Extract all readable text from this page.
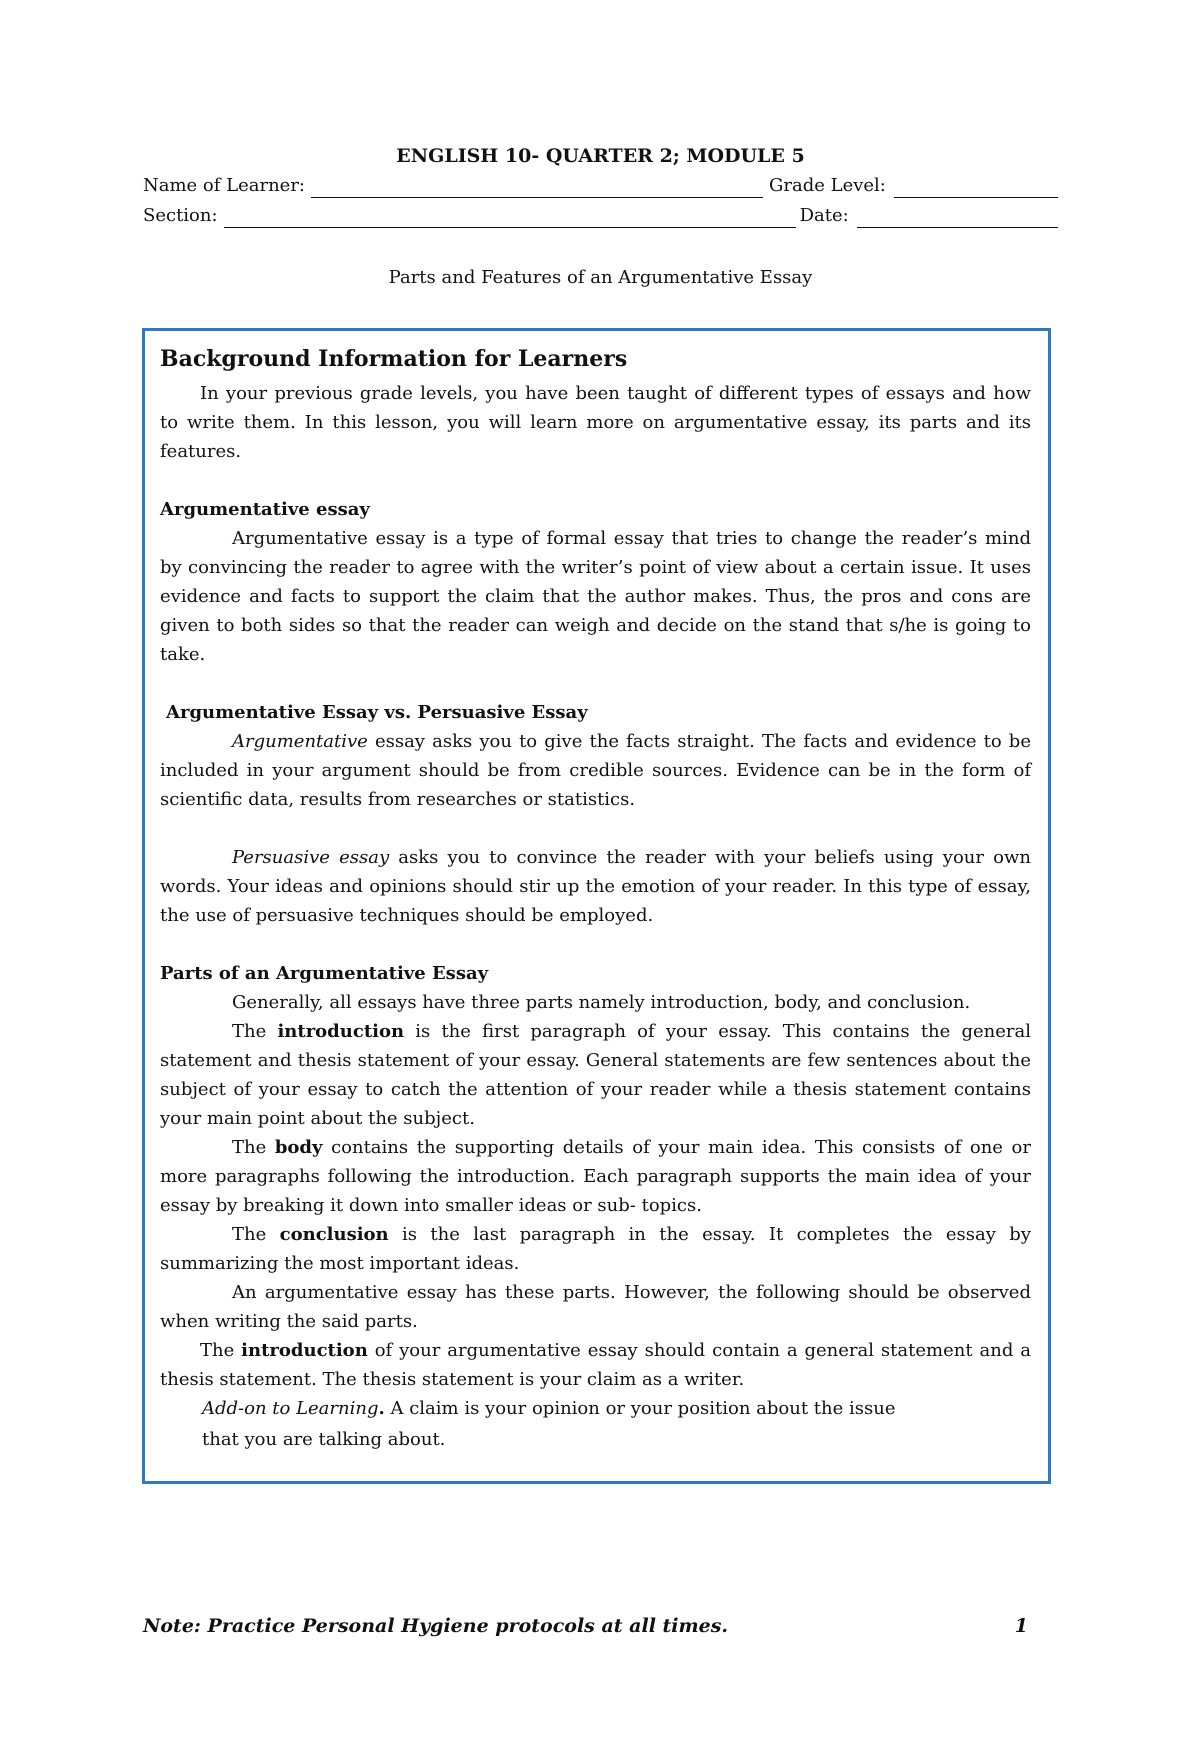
ENGLISH 10- QUARTER 2; MODULE 5

Name of Learner:	Grade Level:
Section:	Date:
Parts and Features of an Argumentative Essay

Background Information for Learners

In your previous grade levels, you have been taught of different types of essays and how to write them. In this lesson, you will learn more on argumentative essay, its parts and its features.

Argumentative essay

Argumentative essay is a type of formal essay that tries to change the reader’s mind by convincing the reader to agree with the writer’s point of view about a certain issue. It uses evidence and facts to support the claim that the author makes. Thus, the pros and cons are given to both sides so that the reader can weigh and decide on the stand that s/he is going to take.

Argumentative Essay vs. Persuasive Essay

Argumentative essay asks you to give the facts straight. The facts and evidence to be included in your argument should be from credible sources. Evidence can be in the form of scientific data, results from researches or statistics.

Persuasive essay asks you to convince the reader with your beliefs using your own words. Your ideas and opinions should stir up the emotion of your reader. In this type of essay, the use of persuasive techniques should be employed.

Parts of an Argumentative Essay

Generally, all essays have three parts namely introduction, body, and conclusion.

The introduction is the first paragraph of your essay. This contains the general statement and thesis statement of your essay. General statements are few sentences about the subject of your essay to catch the attention of your reader while a thesis statement contains your main point about the subject.

The body contains the supporting details of your main idea. This consists of one or more paragraphs following the introduction. Each paragraph supports the main idea of your essay by breaking it down into smaller ideas or sub- topics.

The conclusion is the last paragraph in the essay. It completes the essay by summarizing the most important ideas.

An argumentative essay has these parts. However, the following should be observed when writing the said parts.

The introduction of your argumentative essay should contain a general statement and a thesis statement. The thesis statement is your claim as a writer.

Add-on to Learning. A claim is your opinion or your position about the issue

that you are talking about.

Note: Practice Personal Hygiene protocols at all times.	1
